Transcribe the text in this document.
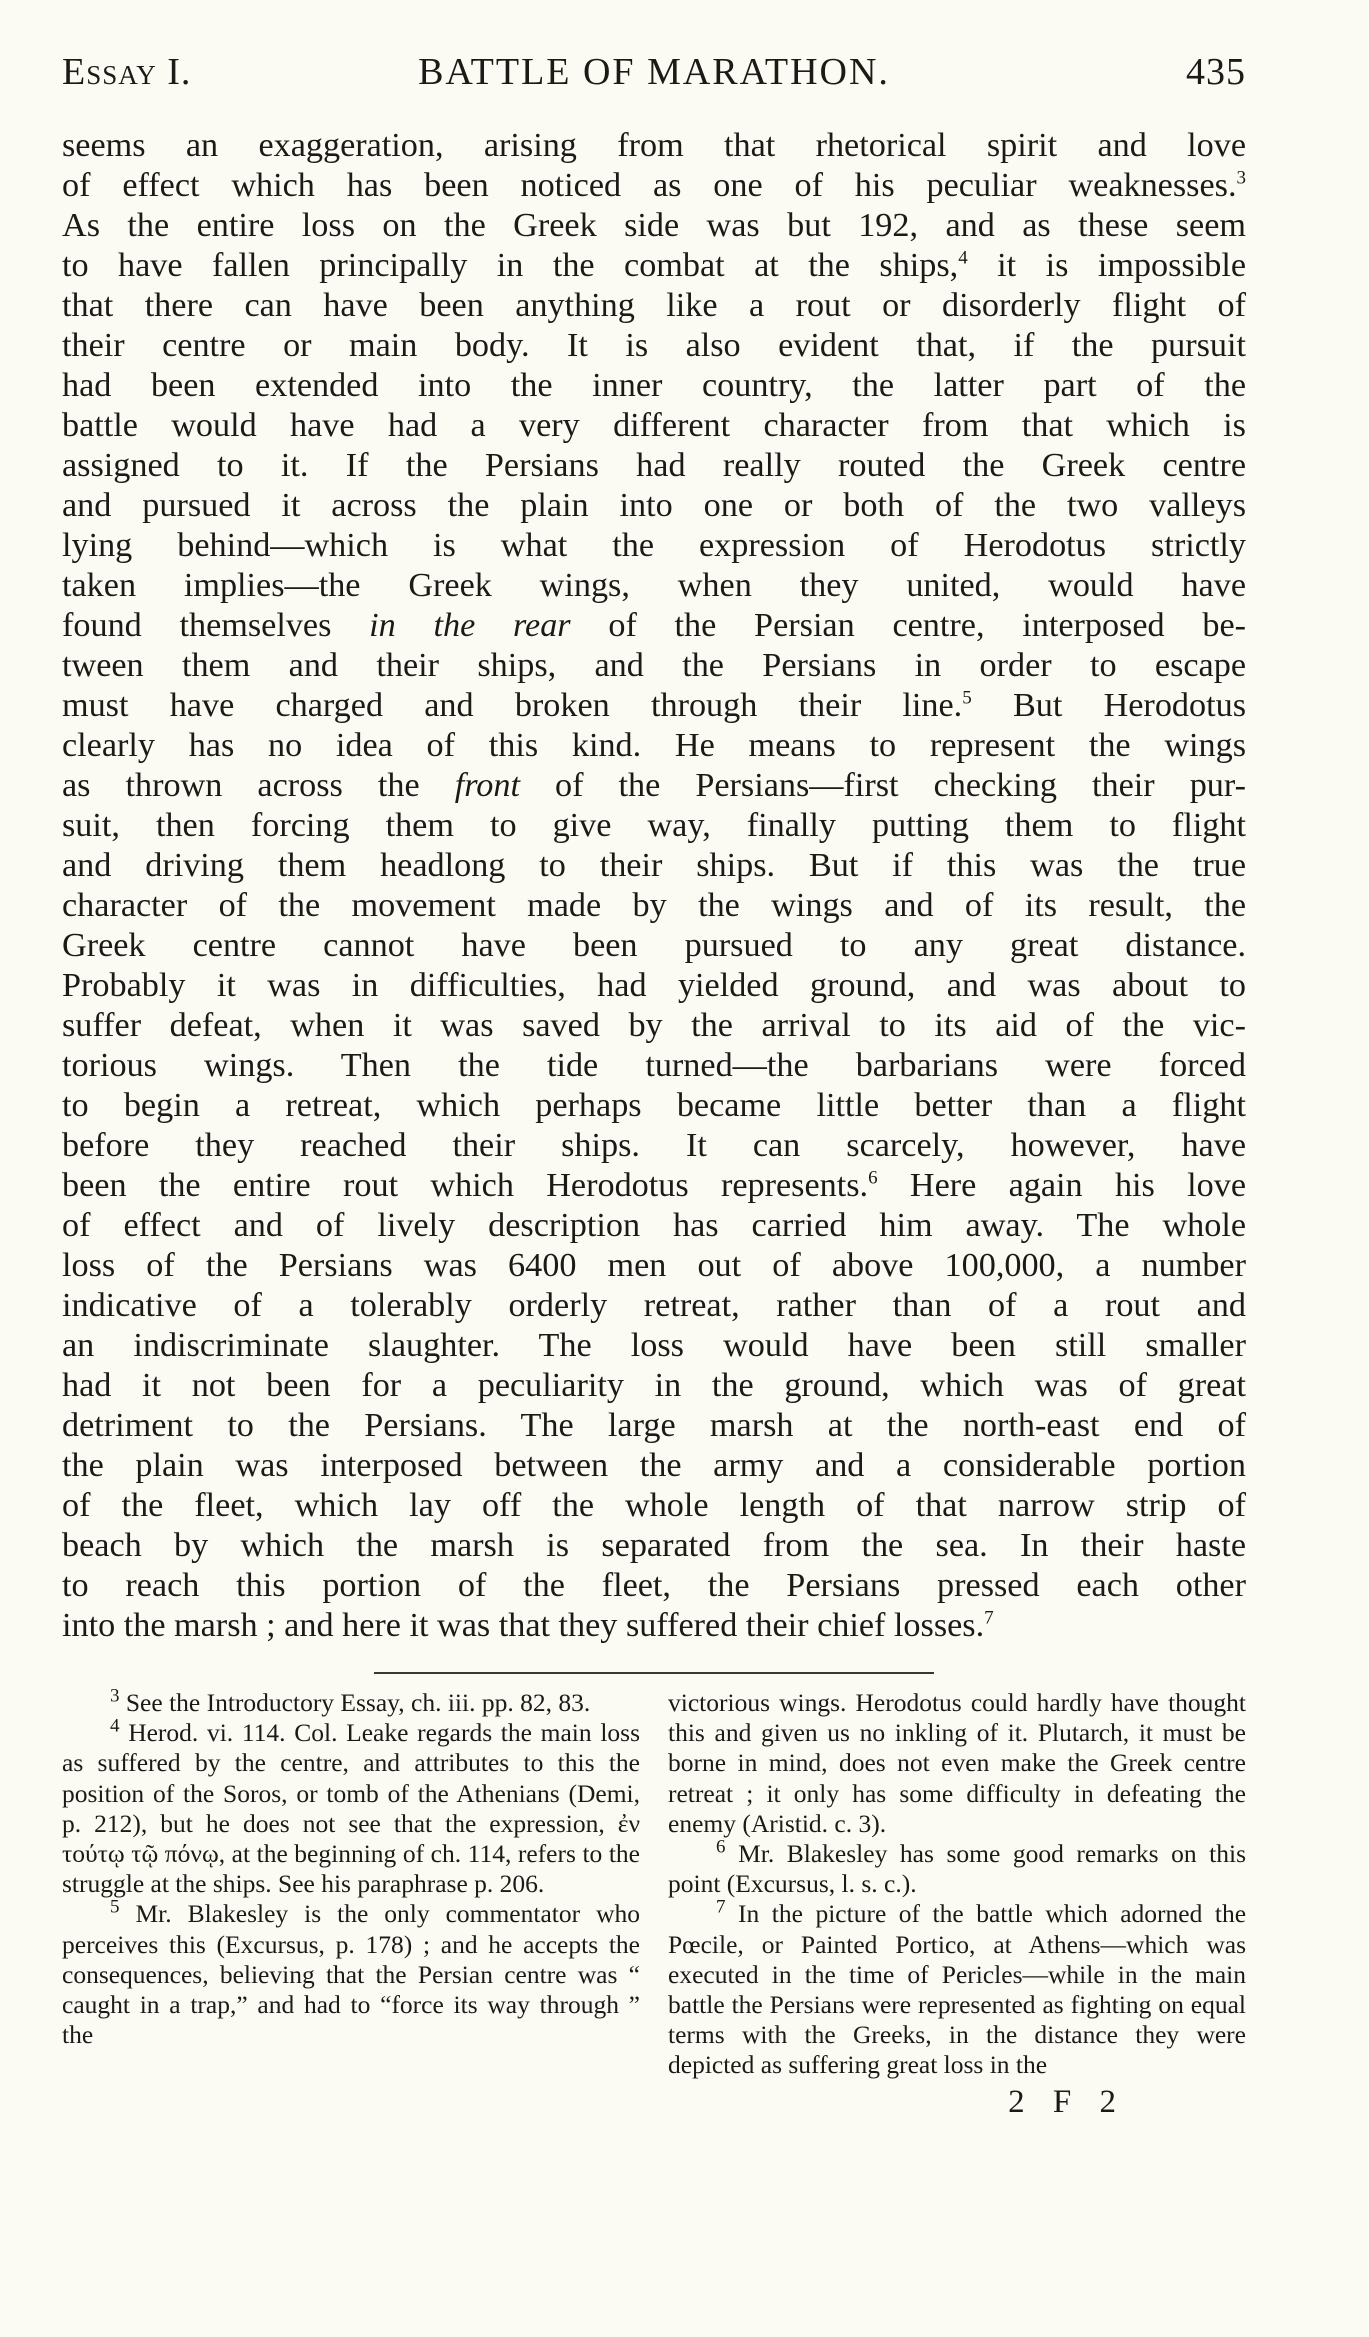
Essay I.	BATTLE OF MARATHON.	435
seems an exaggeration, arising from that rhetorical spirit and love
of effect which has been noticed as one of his peculiar weaknesses.$^3$
As the entire loss on the Greek side was but 192, and as these seem
to have fallen principally in the combat at the ships,$^4$ it is impossible
that there can have been anything like a rout or disorderly flight of
their centre or main body. It is also evident that, if the pursuit
had been extended into the inner country, the latter part of the
battle would have had a very different character from that which is
assigned to it. If the Persians had really routed the Greek centre
and pursued it across the plain into one or both of the two valleys
lying behind—which is what the expression of Herodotus strictly
taken implies—the Greek wings, when they united, would have
found themselves in the rear of the Persian centre, interposed be-
tween them and their ships, and the Persians in order to escape
must have charged and broken through their line.$^5$ But Herodotus
clearly has no idea of this kind. He means to represent the wings
as thrown across the front of the Persians—first checking their pur-
suit, then forcing them to give way, finally putting them to flight
and driving them headlong to their ships. But if this was the true
character of the movement made by the wings and of its result, the
Greek centre cannot have been pursued to any great distance.
Probably it was in difficulties, had yielded ground, and was about to
suffer defeat, when it was saved by the arrival to its aid of the vic-
torious wings. Then the tide turned—the barbarians were forced
to begin a retreat, which perhaps became little better than a flight
before they reached their ships. It can scarcely, however, have
been the entire rout which Herodotus represents.$^6$ Here again his love
of effect and of lively description has carried him away. The whole
loss of the Persians was 6400 men out of above 100,000, a number
indicative of a tolerably orderly retreat, rather than of a rout and
an indiscriminate slaughter. The loss would have been still smaller
had it not been for a peculiarity in the ground, which was of great
detriment to the Persians. The large marsh at the north-east end of
the plain was interposed between the army and a considerable portion
of the fleet, which lay off the whole length of that narrow strip of
beach by which the marsh is separated from the sea. In their haste
to reach this portion of the fleet, the Persians pressed each other
into the marsh ; and here it was that they suffered their chief losses.$^7$

$^3$ See the Introductory Essay, ch. iii. pp. 82, 83.

$^4$ Herod. vi. 114. Col. Leake regards the main loss as suffered by the centre, and attributes to this the position of the Soros, or tomb of the Athenians (Demi, p. 212), but he does not see that the expression, ἐν τούτῳ τῷ πόνῳ, at the beginning of ch. 114, refers to the struggle at the ships. See his paraphrase p. 206.

$^5$ Mr. Blakesley is the only commentator who perceives this (Excursus, p. 178) ; and he accepts the consequences, believing that the Persian centre was “ caught in a trap,” and had to “force its way through ” the

victorious wings. Herodotus could hardly have thought this and given us no inkling of it. Plutarch, it must be borne in mind, does not even make the Greek centre retreat ; it only has some difficulty in defeating the enemy (Aristid. c. 3).

$^6$ Mr. Blakesley has some good remarks on this point (Excursus, l. s. c.).

$^7$ In the picture of the battle which adorned the Pœcile, or Painted Portico, at Athens—which was executed in the time of Pericles—while in the main battle the Persians were represented as fighting on equal terms with the Greeks, in the distance they were depicted as suffering great loss in the

2 F 2
